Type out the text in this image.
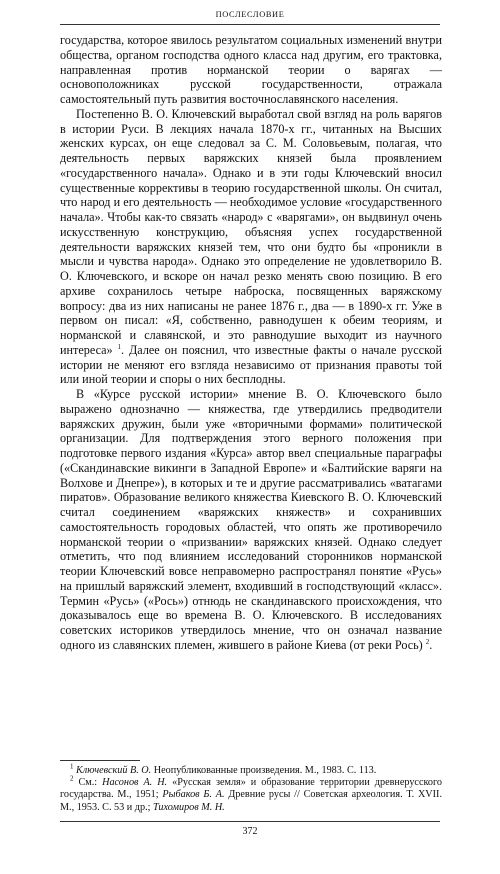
ПОСЛЕСЛОВИЕ

государства, которое явилось результатом социальных изменений внутри общества, органом господства одного класса над другим, его трактовка, направленная против норманской теории о варягах — основоположниках русской государственности, отражала самостоятельный путь развития восточнославянского населения.

Постепенно В. О. Ключевский выработал свой взгляд на роль варягов в истории Руси. В лекциях начала 1870-х гг., читанных на Высших женских курсах, он еще следовал за С. М. Соловьевым, полагая, что деятельность первых варяжских князей была проявлением «государственного начала». Однако и в эти годы Ключевский вносил существенные коррективы в теорию государственной школы. Он считал, что народ и его деятельность — необходимое условие «государственного начала». Чтобы как-то связать «народ» с «варягами», он выдвинул очень искусственную конструкцию, объясняя успех государственной деятельности варяжских князей тем, что они будто бы «проникли в мысли и чувства народа». Однако это определение не удовлетворило В. О. Ключевского, и вскоре он начал резко менять свою позицию. В его архиве сохранилось четыре наброска, посвященных варяжскому вопросу: два из них написаны не ранее 1876 г., два — в 1890-х гг. Уже в первом он писал: «Я, собственно, равнодушен к обеим теориям, и норманской и славянской, и это равнодушие выходит из научного интереса» $^1$. Далее он пояснил, что известные факты о начале русской истории не меняют его взгляда независимо от признания правоты той или иной теории и споры о них бесплодны.

В «Курсе русской истории» мнение В. О. Ключевского было выражено однозначно — княжества, где утвердились предводители варяжских дружин, были уже «вторичными формами» политической организации. Для подтверждения этого верного положения при подготовке первого издания «Курса» автор ввел специальные параграфы («Скандинавские викинги в Западной Европе» и «Балтийские варяги на Волхове и Днепре»), в которых и те и другие рассматривались «ватагами пиратов». Образование великого княжества Киевского В. О. Ключевский считал соединением «варяжских княжеств» и сохранивших самостоятельность городовых областей, что опять же противоречило норманской теории о «призвании» варяжских князей. Однако следует отметить, что под влиянием исследований сторонников норманской теории Ключевский вовсе неправомерно распространял понятие «Русь» на пришлый варяжский элемент, входивший в господствующий «класс». Термин «Русь» («Рось») отнюдь не скандинавского происхождения, что доказывалось еще во времена В. О. Ключевского. В исследованиях советских историков утвердилось мнение, что он означал название одного из славянских племен, жившего в районе Киева (от реки Рось) $^2$.

$^1$ Ключевский В. О. Неопубликованные произведения. М., 1983. С. 113.

$^2$ См.: Насонов А. Н. «Русская земля» и образование территории древнерусского государства. М., 1951; Рыбаков Б. А. Древние русы // Советская археология. Т. XVII. М., 1953. С. 53 и др.; Тихомиров М. Н.

372
